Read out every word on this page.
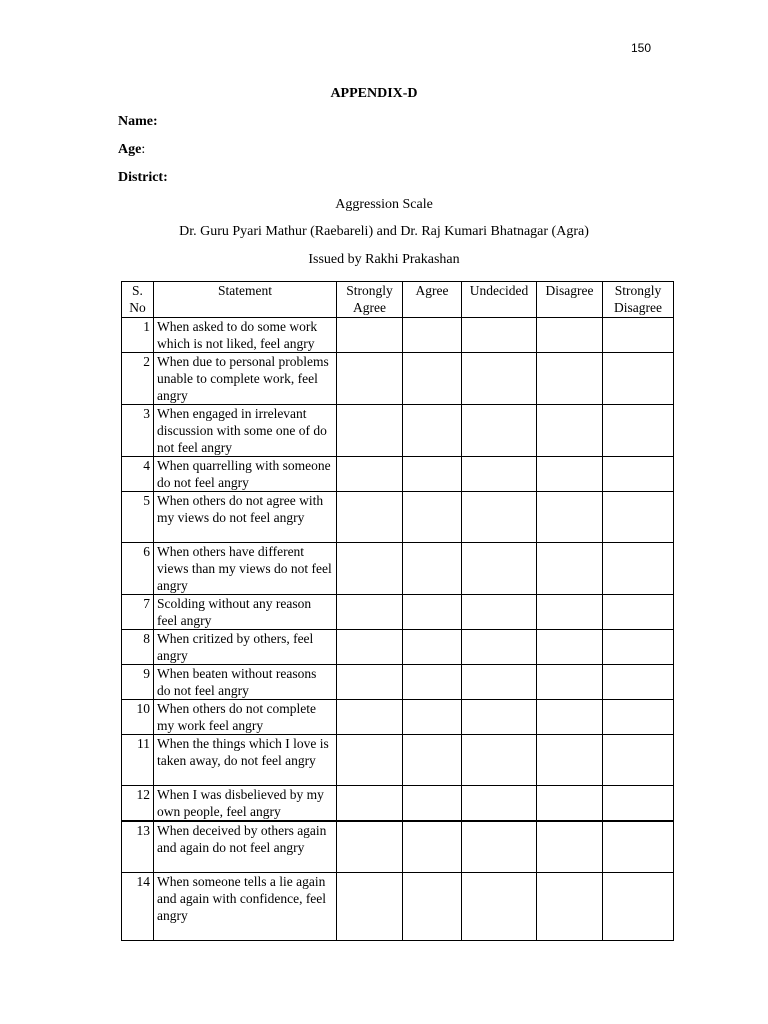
150
APPENDIX-D
Name:
Age:
District:
Aggression Scale
Dr. Guru Pyari Mathur (Raebareli) and Dr. Raj Kumari Bhatnagar (Agra)
Issued by Rakhi Prakashan
S. No	Statement	Strongly Agree	Agree	Undecided	Disagree	Strongly Disagree
1	When asked to do some work which is not liked, feel angry					
2	When due to personal problems unable to complete work, feel angry					
3	When engaged in irrelevant discussion with some one of do not feel angry					
4	When quarrelling with someone do not feel angry					
5	When others do not agree with my views do not feel angry					
6	When others have different views than my views do not feel angry					
7	Scolding without any reason feel angry					
8	When critized by others, feel angry					
9	When beaten without reasons do not feel angry					
10	When others do not complete my work feel angry					
11	When the things which I love is taken away, do not feel angry					
12	When I was disbelieved by my own people, feel angry					
13	When deceived by others again and again do not feel angry					
14	When someone tells a lie again and again with confidence, feel angry					
